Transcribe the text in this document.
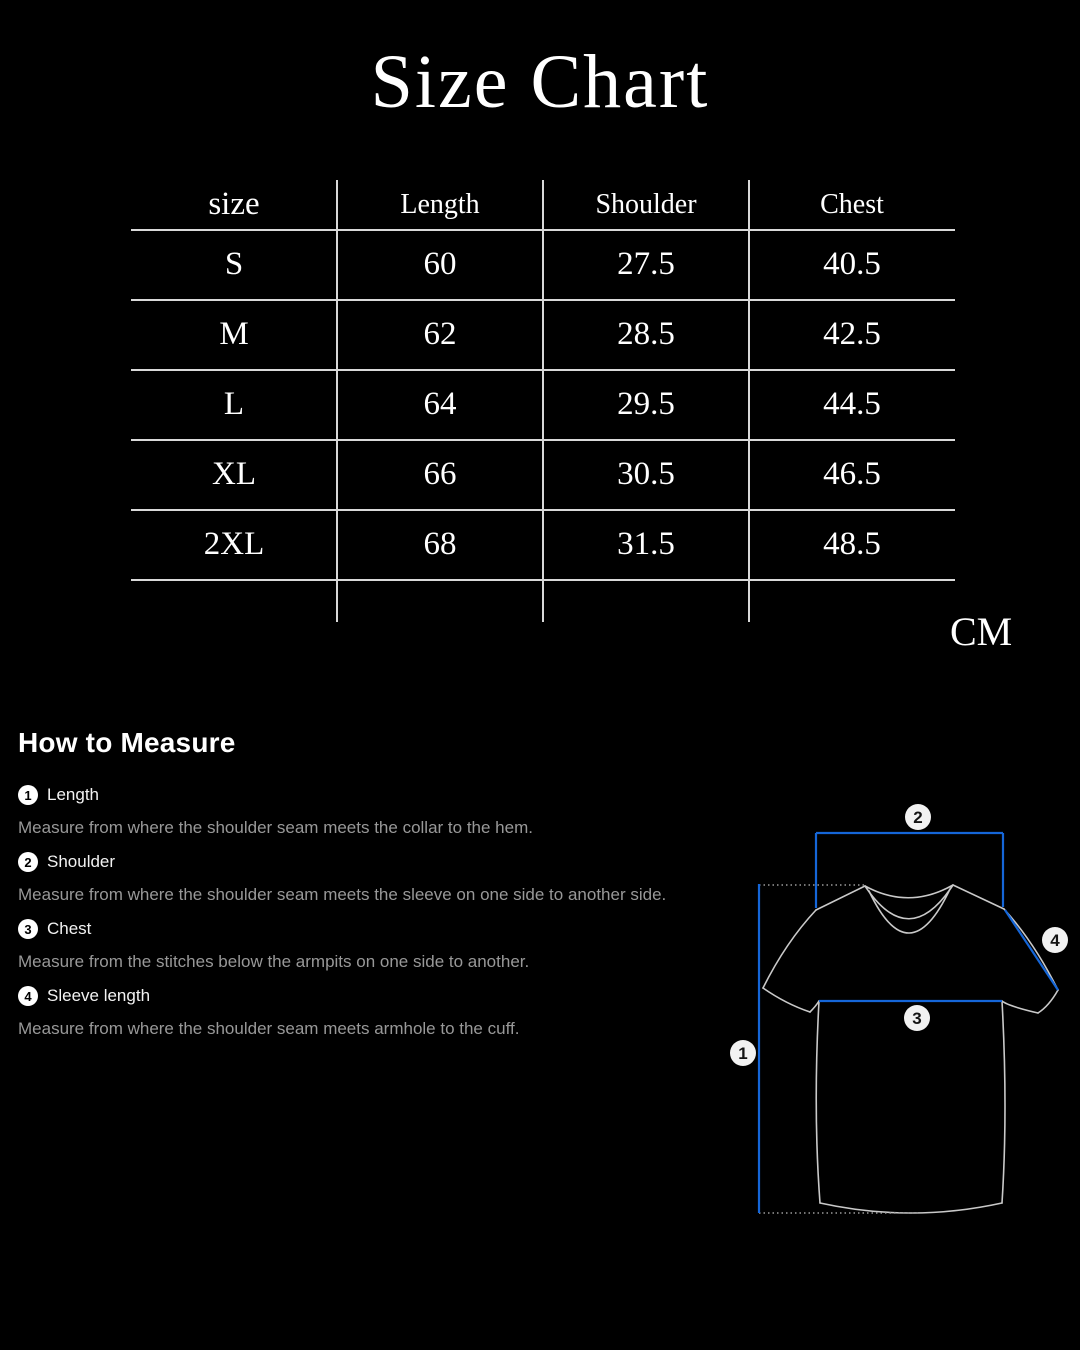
Size Chart
size	Length	Shoulder	Chest
S	60	27.5	40.5
M	62	28.5	42.5
L	64	29.5	44.5
XL	66	30.5	46.5
2XL	68	31.5	48.5
CM
How to Measure
1 Length

Measure from where the shoulder seam meets the collar to the hem.

2 Shoulder

Measure from where the shoulder seam meets the sleeve on one side to another side.

3 Chest

Measure from the stitches below the armpits on one side to another.

4 Sleeve length

Measure from where the shoulder seam meets armhole to the cuff.

1
2
3
4
